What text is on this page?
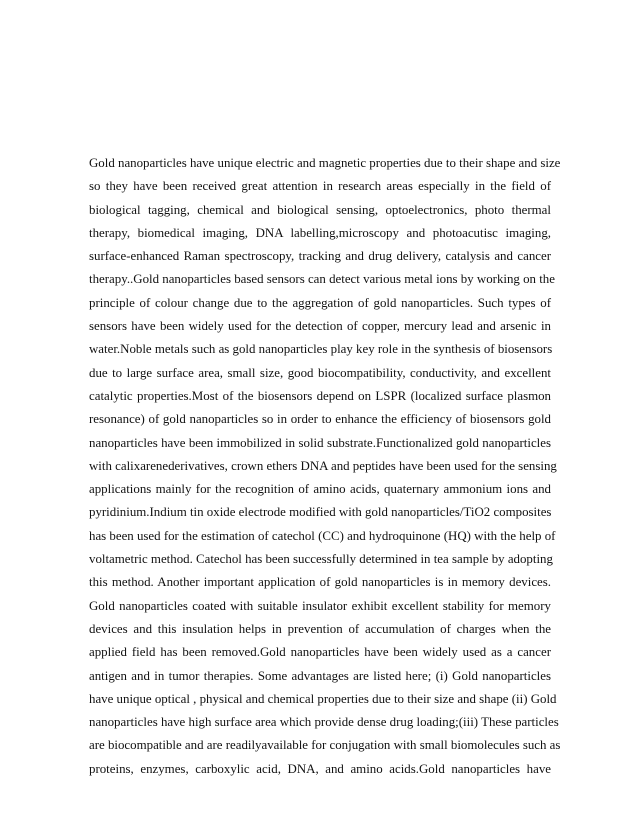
Gold nanoparticles have unique electric and magnetic properties due to their shape and size
so they have been received great attention in research areas especially in the field of
biological tagging, chemical and biological sensing, optoelectronics, photo thermal
therapy, biomedical imaging, DNA labelling,microscopy and photoacutisc imaging,
surface-enhanced Raman spectroscopy, tracking and drug delivery, catalysis and cancer
therapy..Gold nanoparticles based sensors can detect various metal ions by working on the
principle of colour change due to the aggregation of gold nanoparticles. Such types of
sensors have been widely used for the detection of copper, mercury lead and arsenic in
water.Noble metals such as gold nanoparticles play key role in the synthesis of biosensors
due to large surface area, small size, good biocompatibility, conductivity, and excellent
catalytic properties.Most of the biosensors depend on LSPR (localized surface plasmon
resonance) of gold nanoparticles so in order to enhance the efficiency of biosensors gold
nanoparticles have been immobilized in solid substrate.Functionalized gold nanoparticles
with calixarenederivatives, crown ethers DNA and peptides have been used for the sensing
applications mainly for the recognition of amino acids, quaternary ammonium ions and
pyridinium.Indium tin oxide electrode modified with gold nanoparticles/TiO2 composites
has been used for the estimation of catechol (CC) and hydroquinone (HQ) with the help of
voltametric method. Catechol has been successfully determined in tea sample by adopting
this method. Another important application of gold nanoparticles is in memory devices.
Gold nanoparticles coated with suitable insulator exhibit excellent stability for memory
devices and this insulation helps in prevention of accumulation of charges when the
applied field has been removed.Gold nanoparticles have been widely used as a cancer
antigen and in tumor therapies. Some advantages are listed here; (i) Gold nanoparticles
have unique optical , physical and chemical properties due to their size and shape (ii) Gold
nanoparticles have high surface area which provide dense drug loading;(iii) These particles
are biocompatible and are readilyavailable for conjugation with small biomolecules such as
proteins, enzymes, carboxylic acid, DNA, and amino acids.Gold nanoparticles have
